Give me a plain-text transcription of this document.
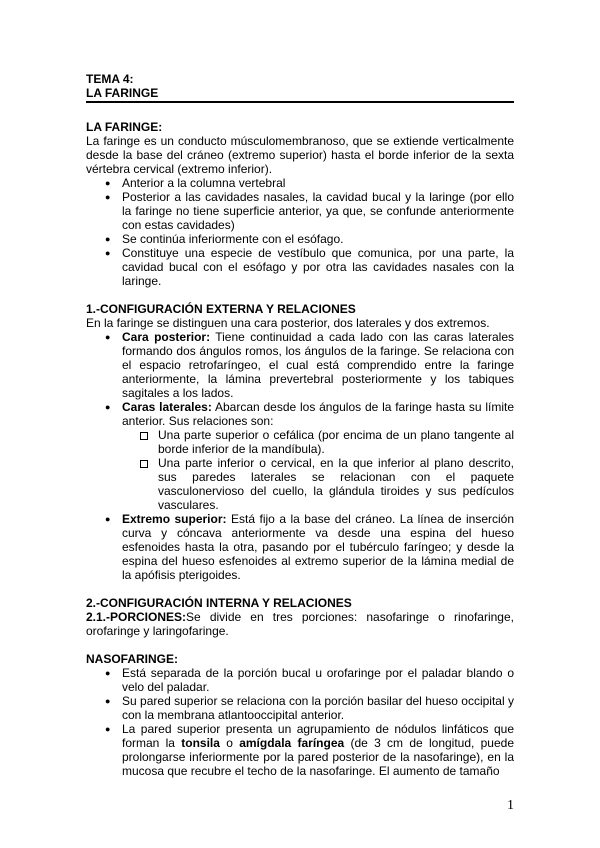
TEMA 4:
LA FARINGE
LA FARINGE:
La faringe es un conducto músculomembranoso, que se extiende verticalmente desde la base del cráneo (extremo superior) hasta el borde inferior de la sexta vértebra cervical (extremo inferior).
● Anterior a la columna vertebral
● Posterior a las cavidades nasales, la cavidad bucal y la laringe (por ello la faringe no tiene superficie anterior, ya que, se confunde anteriormente con estas cavidades)
● Se continúa inferiormente con el esófago.
● Constituye una especie de vestíbulo que comunica, por una parte, la cavidad bucal con el esófago y por otra las cavidades nasales con la laringe.
1.-CONFIGURACIÓN EXTERNA Y RELACIONES
En la faringe se distinguen una cara posterior, dos laterales y dos extremos.
● Cara posterior: Tiene continuidad a cada lado con las caras laterales formando dos ángulos romos, los ángulos de la faringe. Se relaciona con el espacio retrofaríngeo, el cual está comprendido entre la faringe anteriormente, la lámina prevertebral posteriormente y los tabiques sagitales a los lados.
● Caras laterales: Abarcan desde los ángulos de la faringe hasta su límite anterior. Sus relaciones son:
Una parte superior o cefálica (por encima de un plano tangente al borde inferior de la mandíbula).
Una parte inferior o cervical, en la que inferior al plano descrito, sus paredes laterales se relacionan con el paquete vasculonervioso del cuello, la glándula tiroides y sus pedículos vasculares.
● Extremo superior: Está fijo a la base del cráneo. La línea de inserción curva y cóncava anteriormente va desde una espina del hueso esfenoides hasta la otra, pasando por el tubérculo faríngeo; y desde la espina del hueso esfenoides al extremo superior de la lámina medial de la apófisis pterigoides.
2.-CONFIGURACIÓN INTERNA Y RELACIONES
2.1.-PORCIONES:Se divide en tres porciones: nasofaringe o rinofaringe, orofaringe y laringofaringe.
NASOFARINGE:
● Está separada de la porción bucal u orofaringe por el paladar blando o velo del paladar.
● Su pared superior se relaciona con la porción basilar del hueso occipital y con la membrana atlantooccipital anterior.
● La pared superior presenta un agrupamiento de nódulos linfáticos que forman la tonsila o amígdala faríngea (de 3 cm de longitud, puede prolongarse inferiormente por la pared posterior de la nasofaringe), en la mucosa que recubre el techo de la nasofaringe. El aumento de tamaño
1
